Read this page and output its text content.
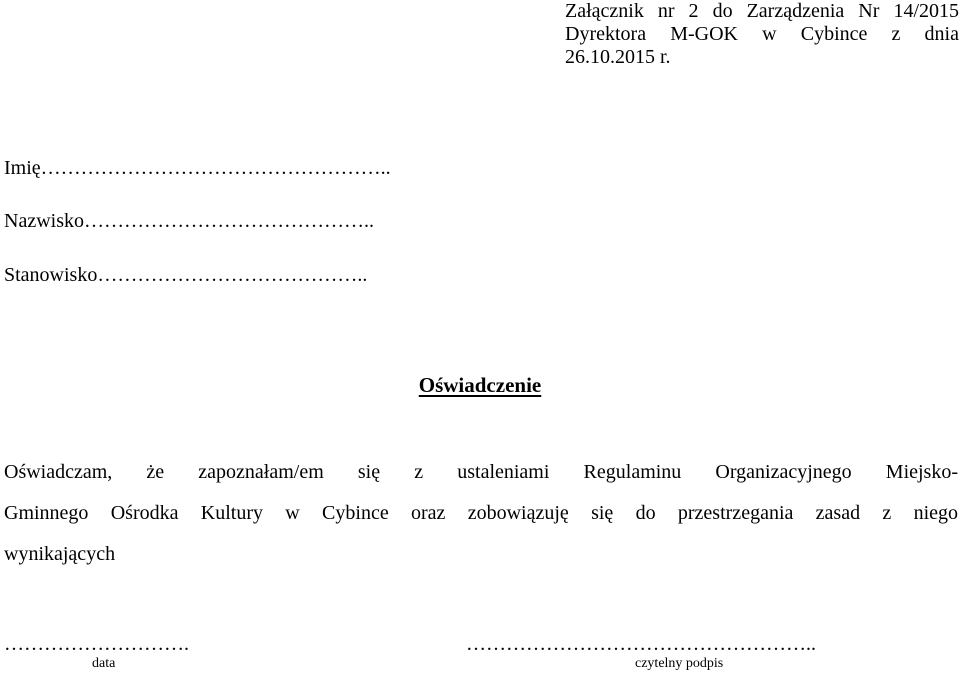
Załącznik nr 2 do Zarządzenia Nr 14/2015
Dyrektora M-GOK w Cybince z dnia
26.10.2015 r.
Imię……………………………………………..
Nazwisko……………………………………..
Stanowisko…………………………………..
Oświadczenie
Oświadczam, że zapoznałam/em się z ustaleniami Regulaminu Organizacyjnego Miejsko-
Gminnego Ośrodka Kultury w Cybince oraz zobowiązuję się do przestrzegania zasad z niego
wynikających
……………………….
data
……………………………………………..
czytelny podpis
